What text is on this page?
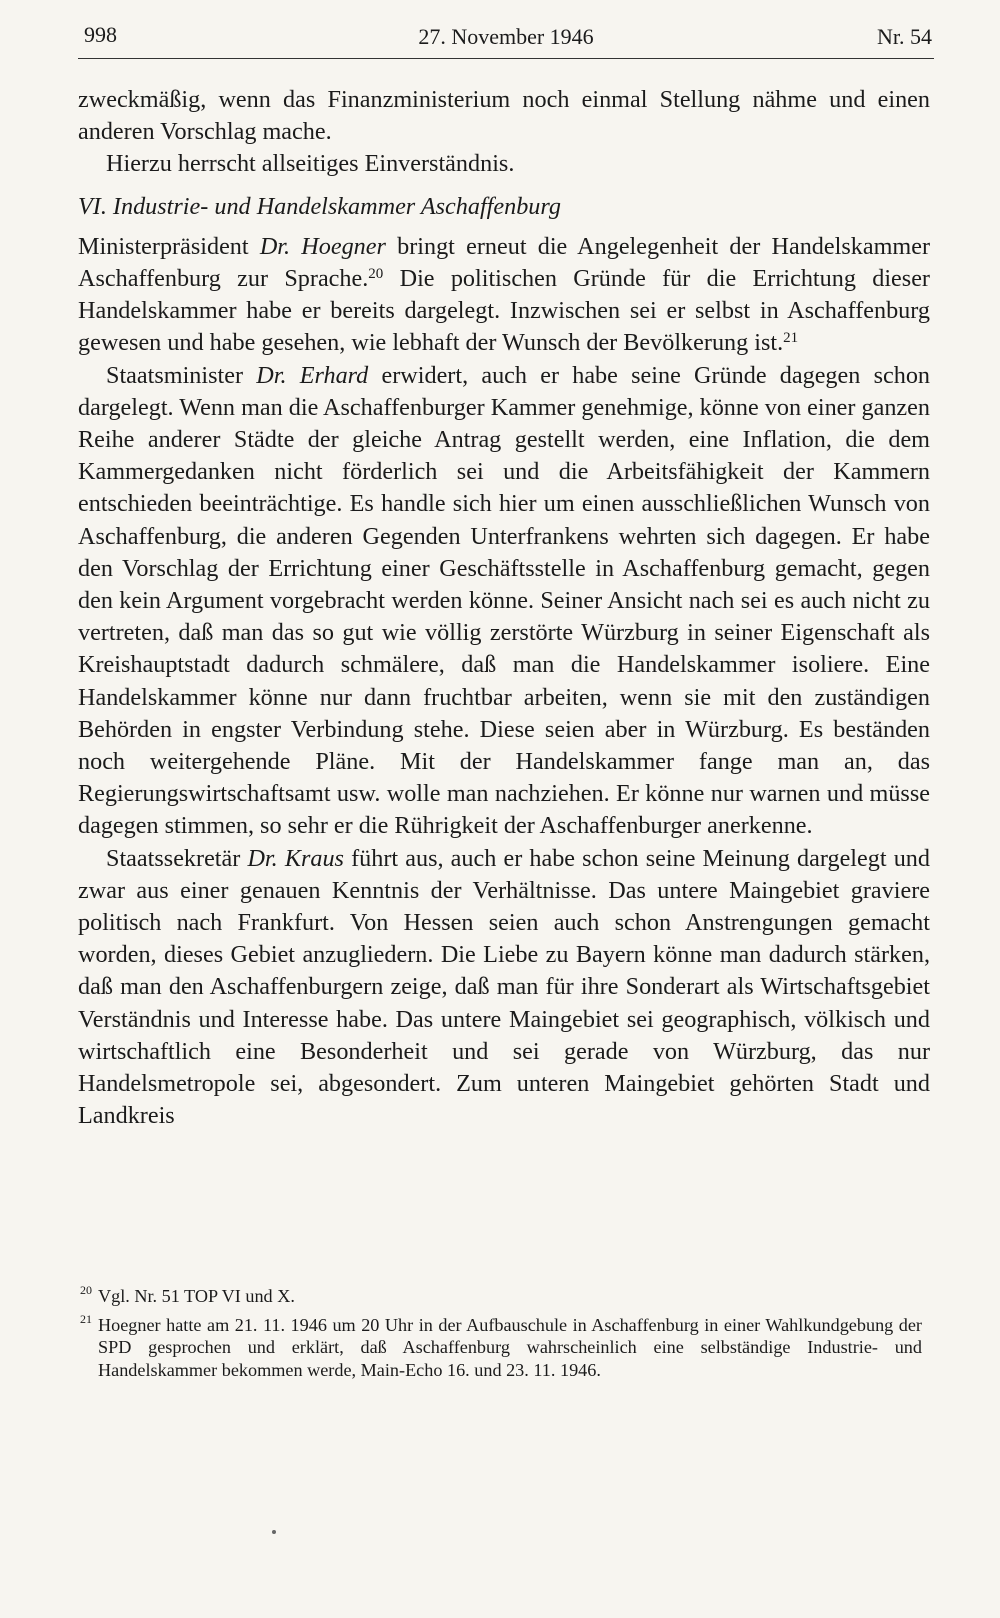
998	27. November 1946	Nr. 54

zweckmäßig, wenn das Finanzministerium noch einmal Stellung nähme und einen anderen Vorschlag mache.

Hierzu herrscht allseitiges Einverständnis.

VI. Industrie- und Handelskammer Aschaffenburg

Ministerpräsident Dr. Hoegner bringt erneut die Angelegenheit der Handelskammer Aschaffenburg zur Sprache.$^{20}$ Die politischen Gründe für die Errichtung dieser Handelskammer habe er bereits dargelegt. Inzwischen sei er selbst in Aschaffenburg gewesen und habe gesehen, wie lebhaft der Wunsch der Bevölkerung ist.$^{21}$

Staatsminister Dr. Erhard erwidert, auch er habe seine Gründe dagegen schon dargelegt. Wenn man die Aschaffenburger Kammer genehmige, könne von einer ganzen Reihe anderer Städte der gleiche Antrag gestellt werden, eine Inflation, die dem Kammergedanken nicht förderlich sei und die Arbeitsfähigkeit der Kammern entschieden beeinträchtige. Es handle sich hier um einen ausschließlichen Wunsch von Aschaffenburg, die anderen Gegenden Unterfrankens wehrten sich dagegen. Er habe den Vorschlag der Errichtung einer Geschäftsstelle in Aschaffenburg gemacht, gegen den kein Argument vorgebracht werden könne. Seiner Ansicht nach sei es auch nicht zu vertreten, daß man das so gut wie völlig zerstörte Würzburg in seiner Eigenschaft als Kreishauptstadt dadurch schmälere, daß man die Handelskammer isoliere. Eine Handelskammer könne nur dann fruchtbar arbeiten, wenn sie mit den zuständigen Behörden in engster Verbindung stehe. Diese seien aber in Würzburg. Es beständen noch weitergehende Pläne. Mit der Handelskammer fange man an, das Regierungswirtschaftsamt usw. wolle man nachziehen. Er könne nur warnen und müsse dagegen stimmen, so sehr er die Rührigkeit der Aschaffenburger anerkenne.

Staatssekretär Dr. Kraus führt aus, auch er habe schon seine Meinung dargelegt und zwar aus einer genauen Kenntnis der Verhältnisse. Das untere Maingebiet graviere politisch nach Frankfurt. Von Hessen seien auch schon Anstrengungen gemacht worden, dieses Gebiet anzugliedern. Die Liebe zu Bayern könne man dadurch stärken, daß man den Aschaffenburgern zeige, daß man für ihre Sonderart als Wirtschaftsgebiet Verständnis und Interesse habe. Das untere Maingebiet sei geographisch, völkisch und wirtschaftlich eine Besonderheit und sei gerade von Würzburg, das nur Handelsmetropole sei, abgesondert. Zum unteren Maingebiet gehörten Stadt und Landkreis

20 Vgl. Nr. 51 TOP VI und X.

21 Hoegner hatte am 21. 11. 1946 um 20 Uhr in der Aufbauschule in Aschaffenburg in einer Wahlkundgebung der SPD gesprochen und erklärt, daß Aschaffenburg wahrscheinlich eine selbständige Industrie- und Handelskammer bekommen werde, Main-Echo 16. und 23. 11. 1946.
